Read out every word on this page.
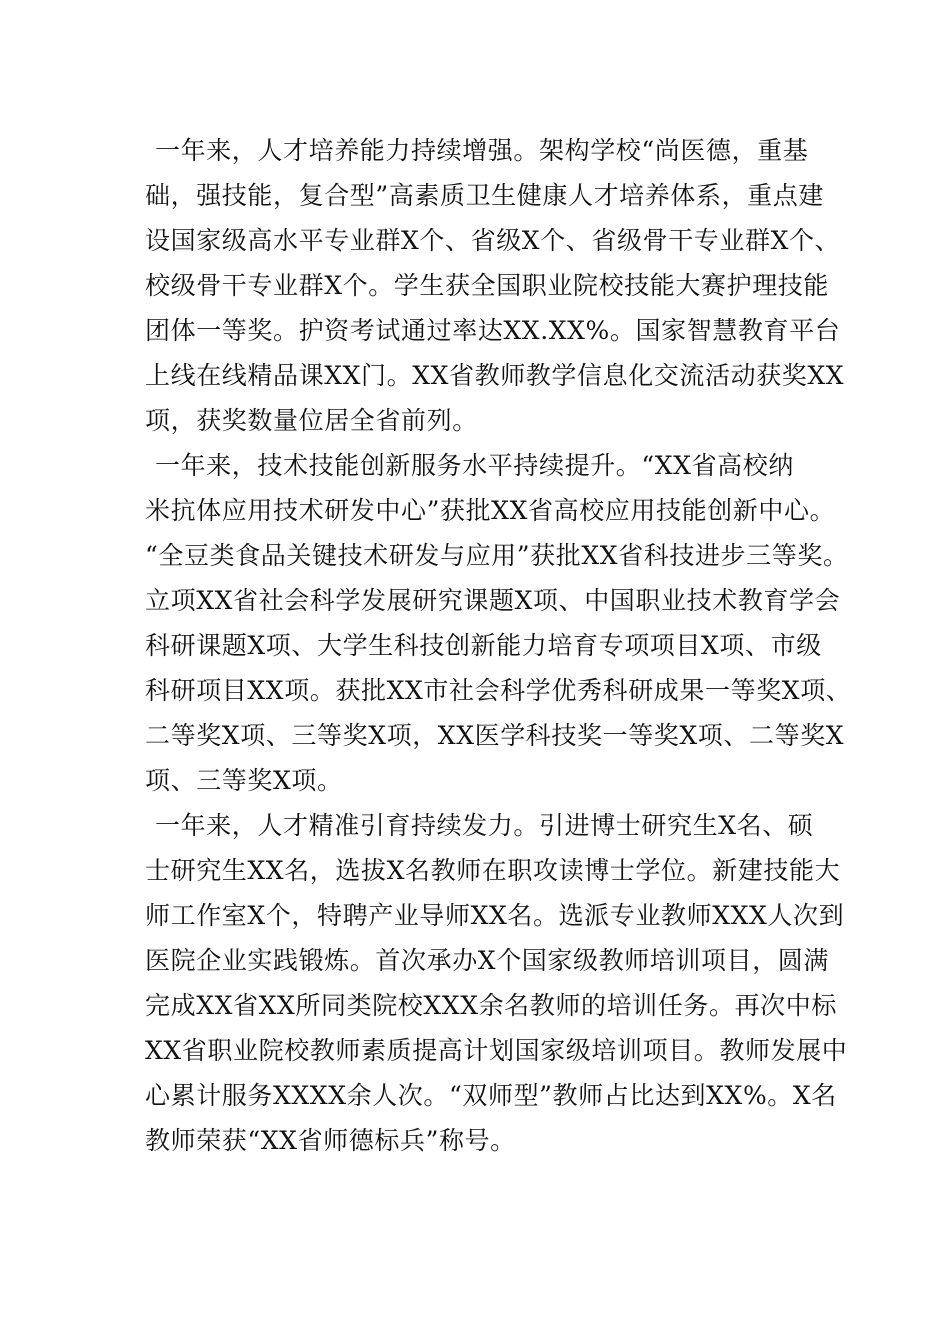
一年来，人才培养能力持续增强。架构学校“尚医德，重基
础，强技能，复合型”高素质卫生健康人才培养体系，重点建
设国家级高水平专业群X个、省级X个、省级骨干专业群X个、
校级骨干专业群X个。学生获全国职业院校技能大赛护理技能
团体一等奖。护资考试通过率达XX.XX%。国家智慧教育平台
上线在线精品课XX门。XX省教师教学信息化交流活动获奖XX
项，获奖数量位居全省前列。
一年来，技术技能创新服务水平持续提升。“XX省高校纳
米抗体应用技术研发中心”获批XX省高校应用技能创新中心。
“全豆类食品关键技术研发与应用”获批XX省科技进步三等奖。
立项XX省社会科学发展研究课题X项、中国职业技术教育学会
科研课题X项、大学生科技创新能力培育专项项目X项、市级
科研项目XX项。获批XX市社会科学优秀科研成果一等奖X项、
二等奖X项、三等奖X项，XX医学科技奖一等奖X项、二等奖X
项、三等奖X项。
一年来，人才精准引育持续发力。引进博士研究生X名、硕
士研究生XX名，选拔X名教师在职攻读博士学位。新建技能大
师工作室X个，特聘产业导师XX名。选派专业教师XXX人次到
医院企业实践锻炼。首次承办X个国家级教师培训项目，圆满
完成XX省XX所同类院校XXX余名教师的培训任务。再次中标
XX省职业院校教师素质提高计划国家级培训项目。教师发展中
心累计服务XXXX余人次。“双师型”教师占比达到XX%。X名
教师荣获“XX省师德标兵”称号。
